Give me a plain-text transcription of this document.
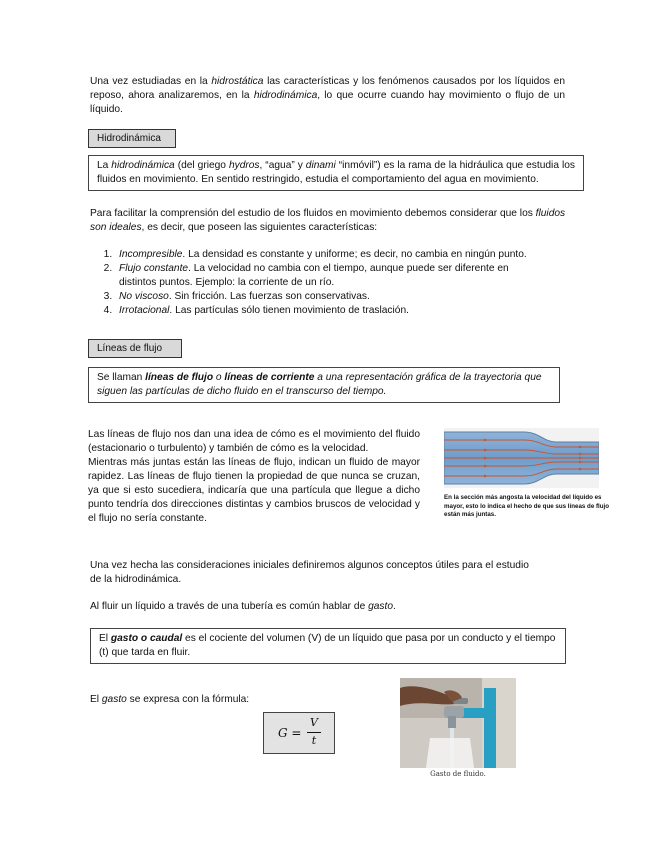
Una vez estudiadas en la hidrostática las características y los fenómenos causados por los líquidos en reposo, ahora analizaremos, en la hidrodinámica, lo que ocurre cuando hay movimiento o flujo de un líquido.
Hidrodinámica
La hidrodinámica (del griego hydros, “agua” y dinami “inmóvil”) es la rama de la hidráulica que estudia los fluidos en movimiento. En sentido restringido, estudia el comportamiento del agua en movimiento.
Para facilitar la comprensión del estudio de los fluidos en movimiento debemos considerar que los fluidos son ideales, es decir, que poseen las siguientes características:
1. Incompresible. La densidad es constante y uniforme; es decir, no cambia en ningún punto.
2. Flujo constante. La velocidad no cambia con el tiempo, aunque puede ser diferente en distintos puntos. Ejemplo: la corriente de un río.
3. No viscoso. Sin fricción. Las fuerzas son conservativas.
4. Irrotacional. Las partículas sólo tienen movimiento de traslación.
Líneas de flujo
Se llaman líneas de flujo o líneas de corriente a una representación gráfica de la trayectoria que siguen las partículas de dicho fluido en el transcurso del tiempo.
Las líneas de flujo nos dan una idea de cómo es el movimiento del fluido (estacionario o turbulento) y también de cómo es la velocidad.
Mientras más juntas están las líneas de flujo, indican un fluido de mayor rapidez. Las líneas de flujo tienen la propiedad de que nunca se cruzan, ya que si esto sucediera, indicaría que una partícula que llegue a dicho punto tendría dos direcciones distintas y cambios bruscos de velocidad y el flujo no sería constante.
En la sección más angosta la velocidad del líquido es mayor, esto lo indica el hecho de que sus líneas de flujo están más juntas.
Una vez hecha las consideraciones iniciales definiremos algunos conceptos útiles para el estudio de la hidrodinámica.
Al fluir un líquido a través de una tubería es común hablar de gasto.
El gasto o caudal es el cociente del volumen (V) de un líquido que pasa por un conducto y el tiempo (t) que tarda en fluir.
El gasto se expresa con la fórmula:
G =
V
t
Gasto de fluido.
